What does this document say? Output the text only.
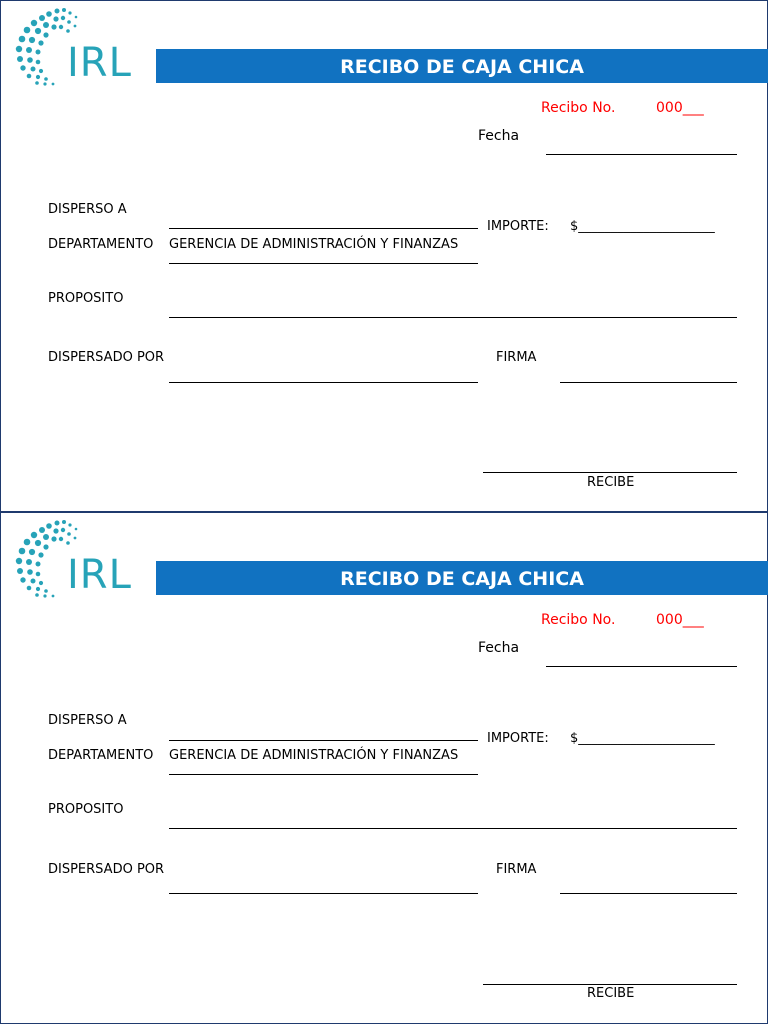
IRL	RECIBO DE CAJA CHICA
Recibo No.	000___
Fecha
DISPERSO A
IMPORTE: $_____________________
DEPARTAMENTO GERENCIA DE ADMINISTRACIÓN Y FINANZAS
PROPOSITO
DISPERSADO POR	FIRMA
RECIBE
IRL	RECIBO DE CAJA CHICA
Recibo No.	000___
Fecha
DISPERSO A
IMPORTE: $_____________________
DEPARTAMENTO GERENCIA DE ADMINISTRACIÓN Y FINANZAS
PROPOSITO
DISPERSADO POR	FIRMA
RECIBE
